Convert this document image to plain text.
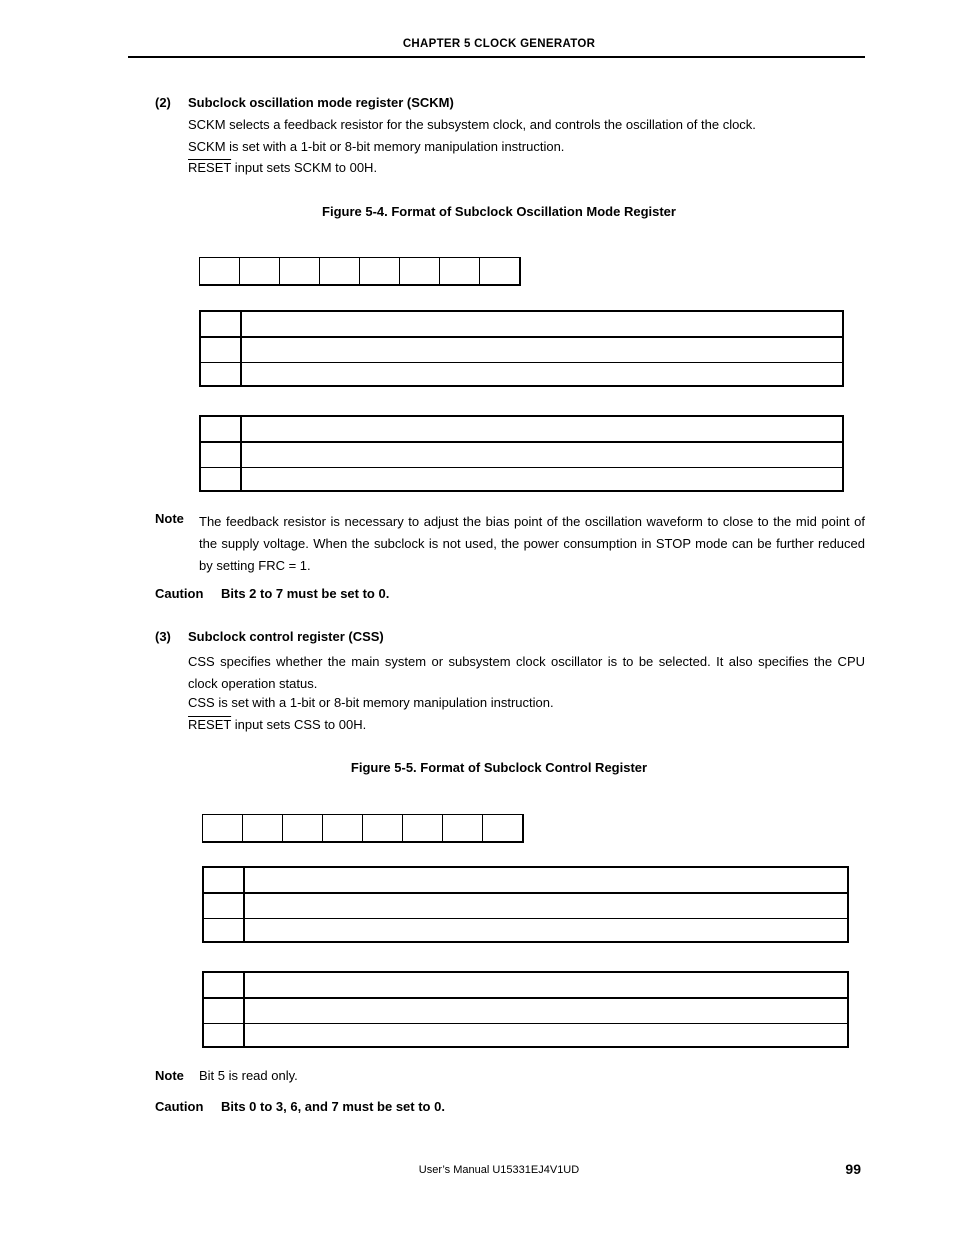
CHAPTER 5 CLOCK GENERATOR
(2) Subclock oscillation mode register (SCKM)
SCKM selects a feedback resistor for the subsystem clock, and controls the oscillation of the clock.
SCKM is set with a 1-bit or 8-bit memory manipulation instruction.
RESET input sets SCKM to 00H.
Figure 5-4. Format of Subclock Oscillation Mode Register

Note The feedback resistor is necessary to adjust the bias point of the oscillation waveform to close to the mid point of the supply voltage. When the subclock is not used, the power consumption in STOP mode can be further reduced by setting FRC = 1.
Caution Bits 2 to 7 must be set to 0.
(3) Subclock control register (CSS)
CSS specifies whether the main system or subsystem clock oscillator is to be selected. It also specifies the CPU clock operation status.
CSS is set with a 1-bit or 8-bit memory manipulation instruction.
RESET input sets CSS to 00H.
Figure 5-5. Format of Subclock Control Register

Note Bit 5 is read only.
Caution Bits 0 to 3, 6, and 7 must be set to 0.
User’s Manual U15331EJ4V1UD	99
